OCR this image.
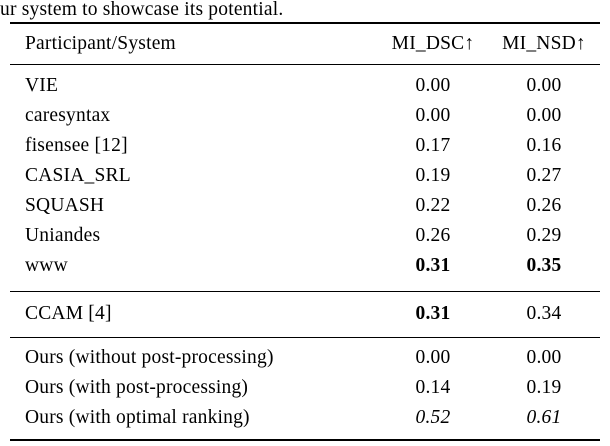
ur system to showcase its potential.
Participant/System	MI_DSC↑	MI_NSD↑
VIE	0.00	0.00
caresyntax	0.00	0.00
fisensee [12]	0.17	0.16
CASIA_SRL	0.19	0.27
SQUASH	0.22	0.26
Uniandes	0.26	0.29
www	0.31	0.35
CCAM [4]	0.31	0.34
Ours (without post-processing)	0.00	0.00
Ours (with post-processing)	0.14	0.19
Ours (with optimal ranking)	0.52	0.61
